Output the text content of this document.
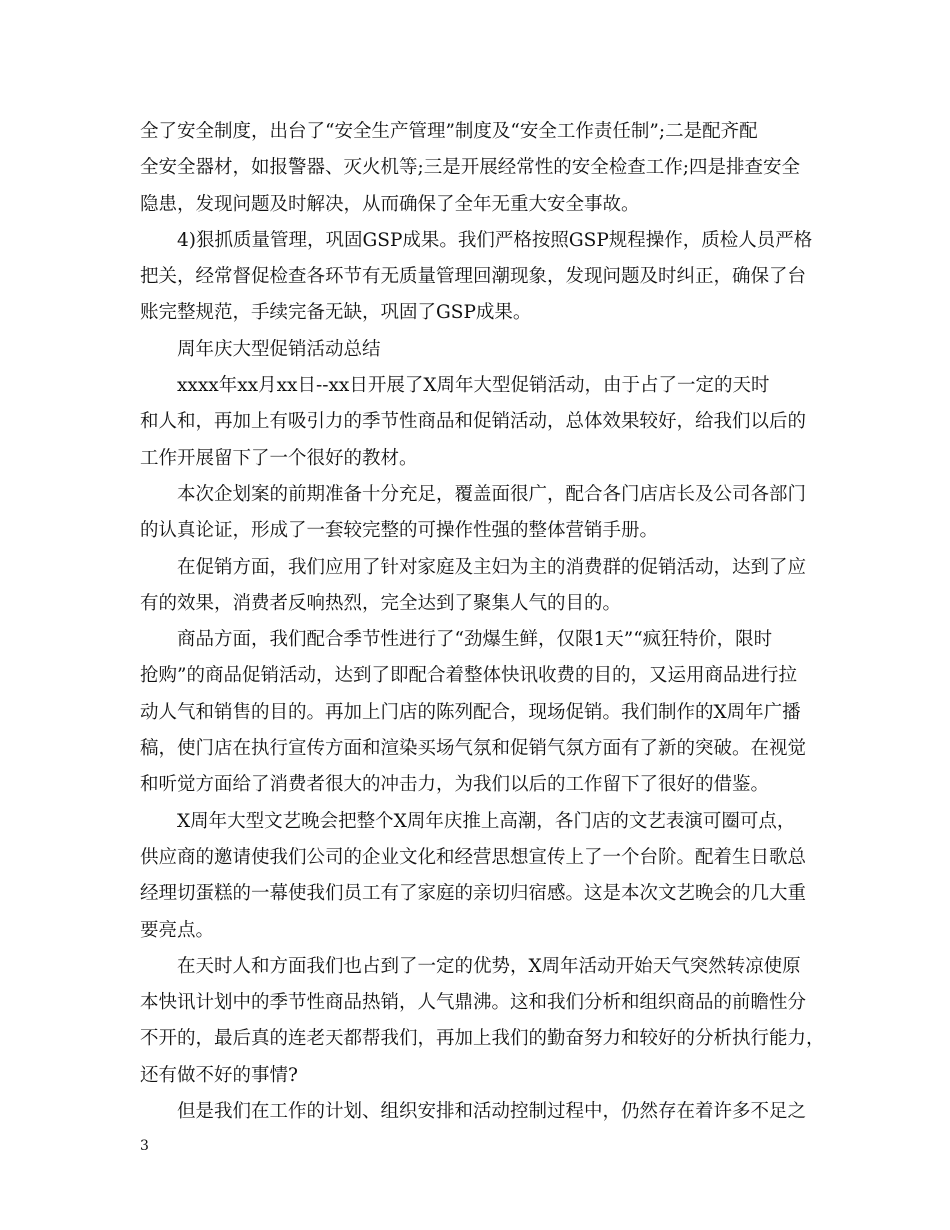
全了安全制度，出台了“安全生产管理”制度及“安全工作责任制”;二是配齐配
全安全器材，如报警器、灭火机等;三是开展经常性的安全检查工作;四是排查安全
隐患，发现问题及时解决，从而确保了全年无重大安全事故。
4)狠抓质量管理，巩固GSP成果。我们严格按照GSP规程操作，质检人员严格
把关，经常督促检查各环节有无质量管理回潮现象，发现问题及时纠正，确保了台
账完整规范，手续完备无缺，巩固了GSP成果。
周年庆大型促销活动总结
xxxx年xx月xx日--xx日开展了X周年大型促销活动，由于占了一定的天时
和人和，再加上有吸引力的季节性商品和促销活动，总体效果较好，给我们以后的
工作开展留下了一个很好的教材。
本次企划案的前期准备十分充足，覆盖面很广，配合各门店店长及公司各部门
的认真论证，形成了一套较完整的可操作性强的整体营销手册。
在促销方面，我们应用了针对家庭及主妇为主的消费群的促销活动，达到了应
有的效果，消费者反响热烈，完全达到了聚集人气的目的。
商品方面，我们配合季节性进行了“劲爆生鲜，仅限1天”“疯狂特价，限时
抢购”的商品促销活动，达到了即配合着整体快讯收费的目的，又运用商品进行拉
动人气和销售的目的。再加上门店的陈列配合，现场促销。我们制作的X周年广播
稿，使门店在执行宣传方面和渲染买场气氛和促销气氛方面有了新的突破。在视觉
和听觉方面给了消费者很大的冲击力，为我们以后的工作留下了很好的借鉴。
X周年大型文艺晚会把整个X周年庆推上高潮，各门店的文艺表演可圈可点，
供应商的邀请使我们公司的企业文化和经营思想宣传上了一个台阶。配着生日歌总
经理切蛋糕的一幕使我们员工有了家庭的亲切归宿感。这是本次文艺晚会的几大重
要亮点。
在天时人和方面我们也占到了一定的优势，X周年活动开始天气突然转凉使原
本快讯计划中的季节性商品热销，人气鼎沸。这和我们分析和组织商品的前瞻性分
不开的，最后真的连老天都帮我们，再加上我们的勤奋努力和较好的分析执行能力，
还有做不好的事情?
但是我们在工作的计划、组织安排和活动控制过程中，仍然存在着许多不足之
3
